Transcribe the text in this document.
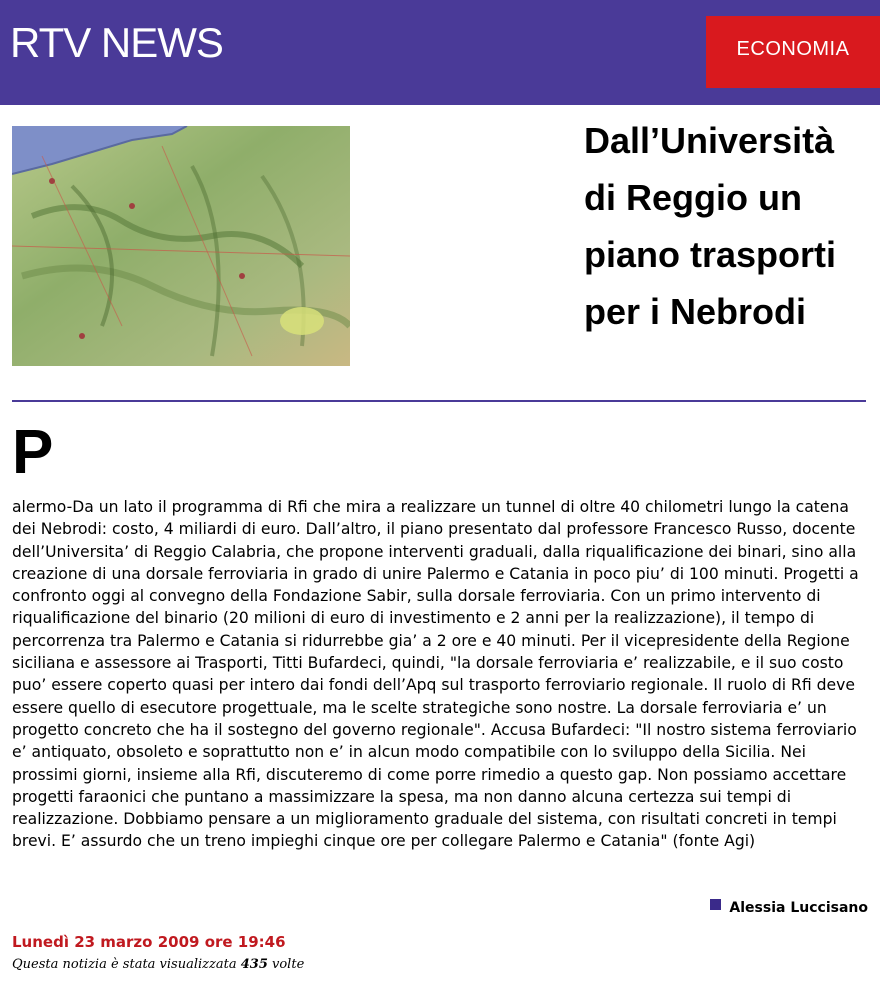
RTV NEWS	ECONOMIA
Dall’Università di Reggio un piano trasporti per i Nebrodi
P
alermo-Da un lato il programma di Rfi che mira a realizzare un tunnel di oltre 40 chilometri lungo la catena dei Nebrodi: costo, 4 miliardi di euro. Dall’altro, il piano presentato dal professore Francesco Russo, docente dell’Universita’ di Reggio Calabria, che propone interventi graduali, dalla riqualificazione dei binari, sino alla creazione di una dorsale ferroviaria in grado di unire Palermo e Catania in poco piu’ di 100 minuti. Progetti a confronto oggi al convegno della Fondazione Sabir, sulla dorsale ferroviaria. Con un primo intervento di riqualificazione del binario (20 milioni di euro di investimento e 2 anni per la realizzazione), il tempo di percorrenza tra Palermo e Catania si ridurrebbe gia’ a 2 ore e 40 minuti. Per il vicepresidente della Regione siciliana e assessore ai Trasporti, Titti Bufardeci, quindi, "la dorsale ferroviaria e’ realizzabile, e il suo costo puo’ essere coperto quasi per intero dai fondi dell’Apq sul trasporto ferroviario regionale. Il ruolo di Rfi deve essere quello di esecutore progettuale, ma le scelte strategiche sono nostre. La dorsale ferroviaria e’ un progetto concreto che ha il sostegno del governo regionale". Accusa Bufardeci: "Il nostro sistema ferroviario e’ antiquato, obsoleto e soprattutto non e’ in alcun modo compatibile con lo sviluppo della Sicilia. Nei prossimi giorni, insieme alla Rfi, discuteremo di come porre rimedio a questo gap. Non possiamo accettare progetti faraonici che puntano a massimizzare la spesa, ma non danno alcuna certezza sui tempi di realizzazione. Dobbiamo pensare a un miglioramento graduale del sistema, con risultati concreti in tempi brevi. E’ assurdo che un treno impieghi cinque ore per collegare Palermo e Catania" (fonte Agi)
Alessia Luccisano
Lunedì 23 marzo 2009 ore 19:46
Questa notizia è stata visualizzata 435 volte
